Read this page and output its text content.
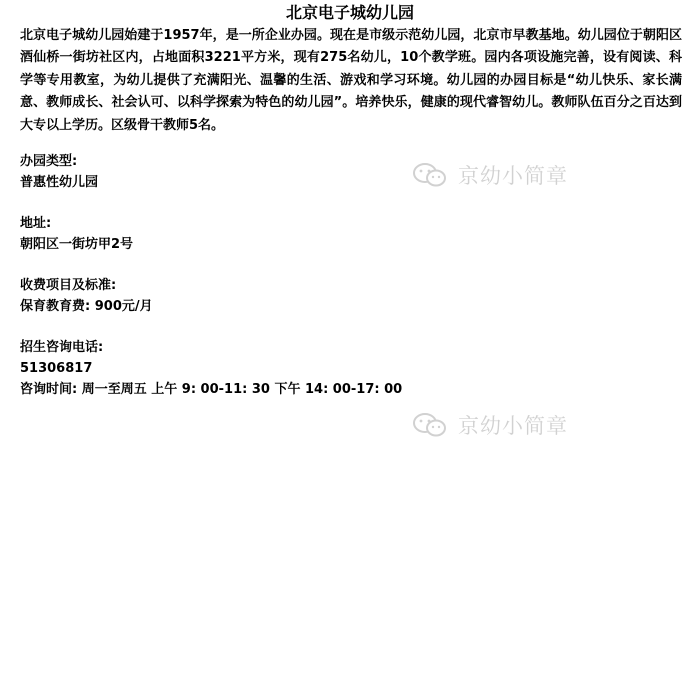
北京电子城幼儿园
北京电子城幼儿园始建于1957年，是一所企业办园。现在是市级示范幼儿园，北京市早教基地。幼儿园位于朝阳区酒仙桥一街坊社区内，占地面积3221平方米，现有275名幼儿，10个教学班。园内各项设施完善，设有阅读、科学等专用教室，为幼儿提供了充满阳光、温馨的生活、游戏和学习环境。幼儿园的办园目标是“幼儿快乐、家长满意、教师成长、社会认可、以科学探索为特色的幼儿园”。培养快乐，健康的现代睿智幼儿。教师队伍百分之百达到大专以上学历。区级骨干教师5名。
办园类型:
普惠性幼儿园
地址:
朝阳区一街坊甲2号
收费项目及标准:
保育教育费: 900元/月
招生咨询电话:
51306817
咨询时间: 周一至周五 上午 9: 00-11: 30 下午 14: 00-17: 00
京幼小简章
京幼小简章
